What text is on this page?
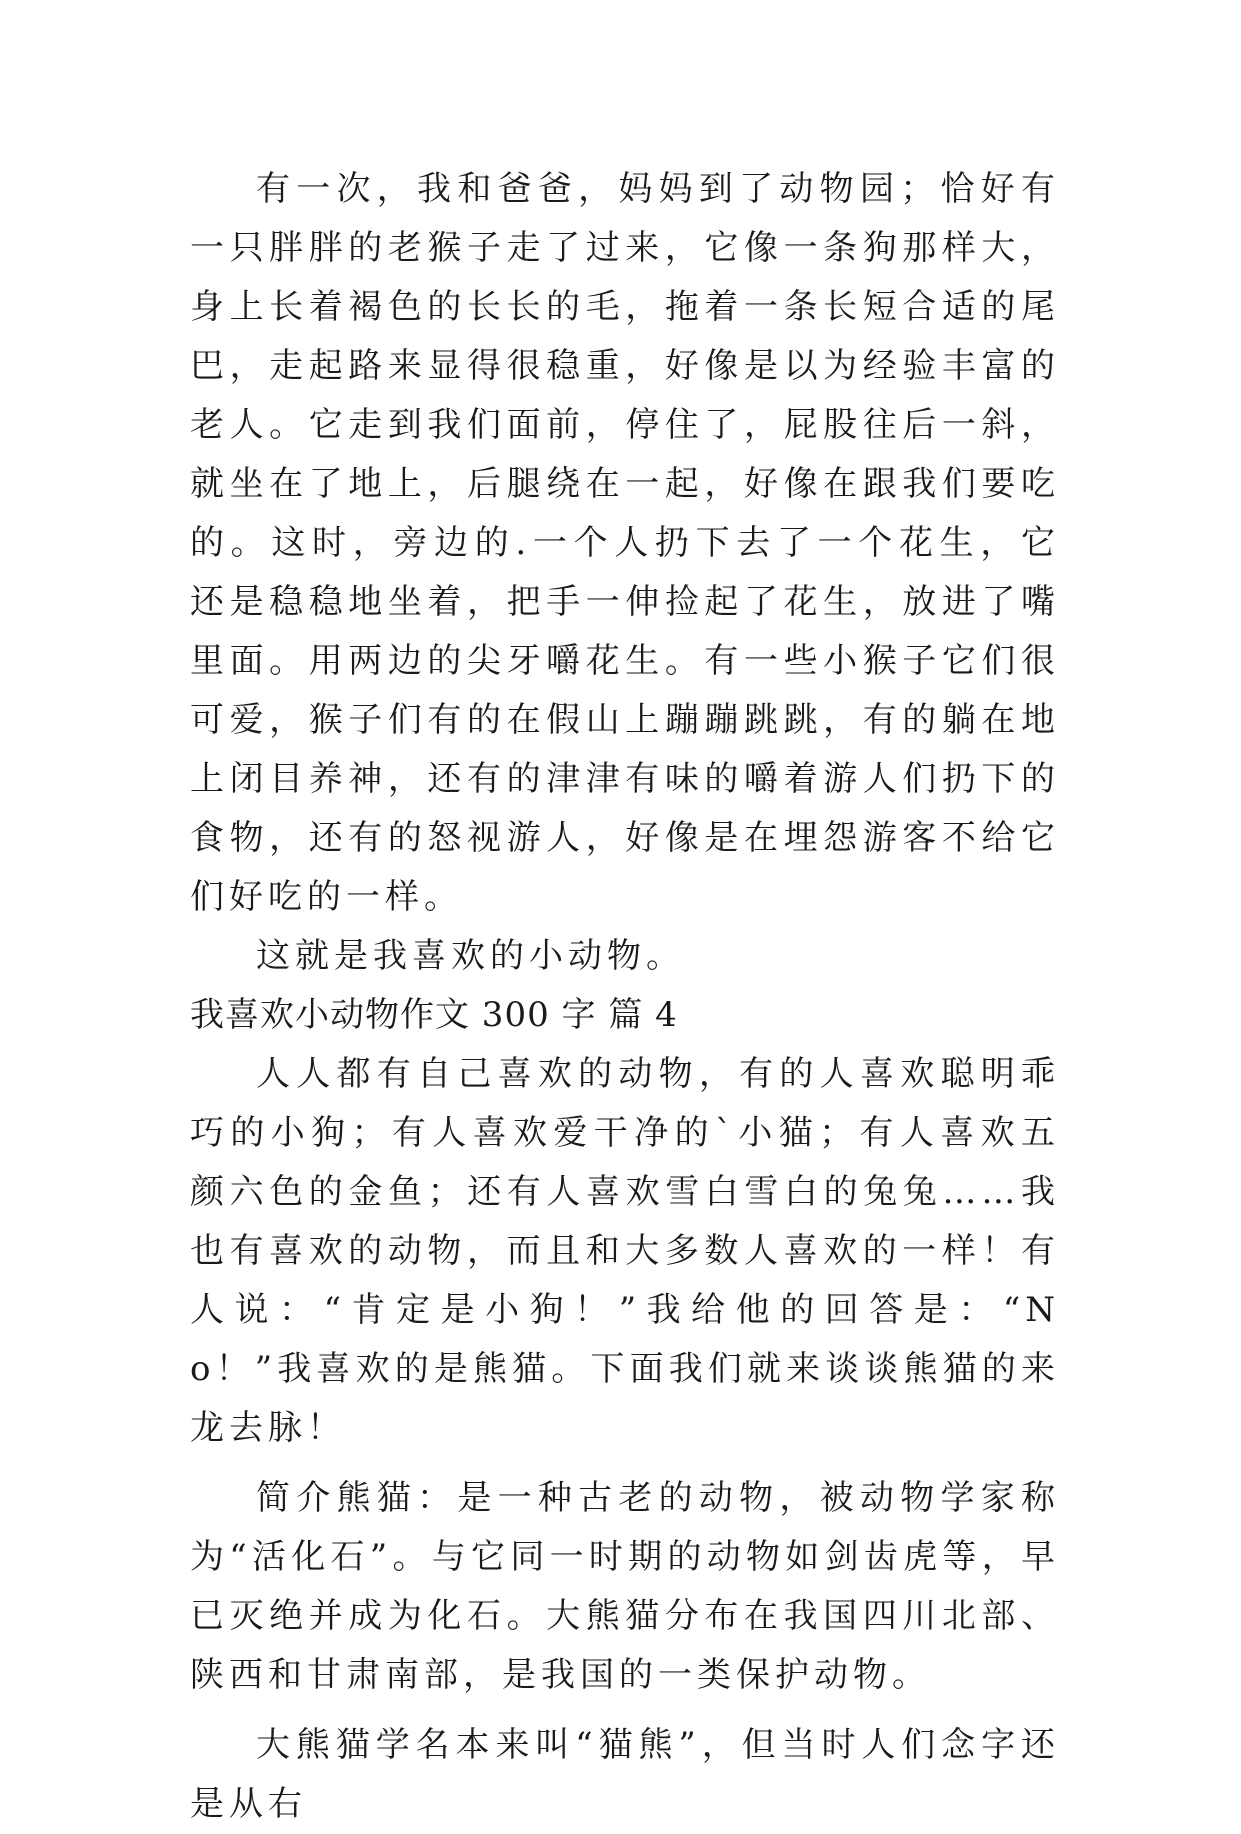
有一次，我和爸爸，妈妈到了动物园；恰好有一只胖胖的老猴子走了过来，它像一条狗那样大，身上长着褐色的长长的毛，拖着一条长短合适的尾巴，走起路来显得很稳重，好像是以为经验丰富的老人。它走到我们面前，停住了，屁股往后一斜，就坐在了地上，后腿绕在一起，好像在跟我们要吃的。这时，旁边的.一个人扔下去了一个花生，它还是稳稳地坐着，把手一伸捡起了花生，放进了嘴里面。用两边的尖牙嚼花生。有一些小猴子它们很可爱，猴子们有的在假山上蹦蹦跳跳，有的躺在地上闭目养神，还有的津津有味的嚼着游人们扔下的食物，还有的怒视游人，好像是在埋怨游客不给它们好吃的一样。

这就是我喜欢的小动物。

我喜欢小动物作文 300 字 篇 4

人人都有自己喜欢的动物，有的人喜欢聪明乖巧的小狗；有人喜欢爱干净的`小猫；有人喜欢五颜六色的金鱼；还有人喜欢雪白雪白的兔兔……我也有喜欢的动物，而且和大多数人喜欢的一样！有人说：“肯定是小狗！”我给他的回答是：“No！”我喜欢的是熊猫。下面我们就来谈谈熊猫的来龙去脉！

简介熊猫：是一种古老的动物，被动物学家称为“活化石”。与它同一时期的动物如剑齿虎等，早已灭绝并成为化石。大熊猫分布在我国四川北部、陕西和甘肃南部，是我国的一类保护动物。

大熊猫学名本来叫“猫熊”，但当时人们念字还是从右
